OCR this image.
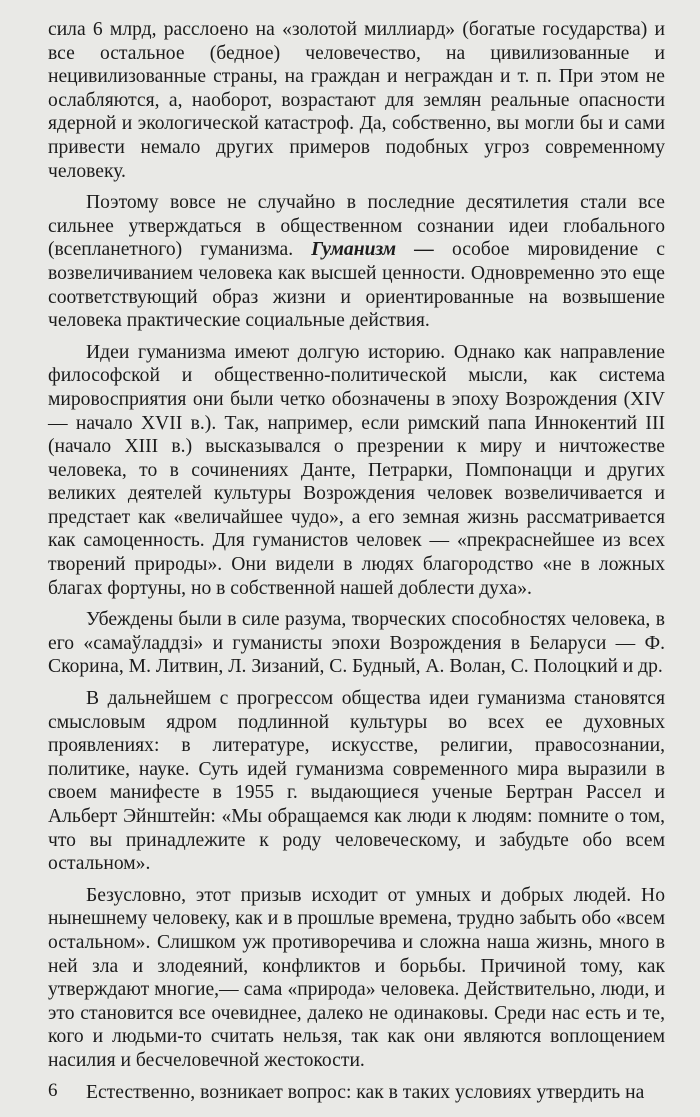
сила 6 млрд, расслоено на «золотой миллиард» (богатые государства) и все остальное (бедное) человечество, на цивилизованные и нецивилизованные страны, на граждан и неграждан и т. п. При этом не ослабляются, а, наоборот, возрастают для землян реальные опасности ядерной и экологической катастроф. Да, собственно, вы могли бы и сами привести немало других примеров подобных угроз современному человеку.

Поэтому вовсе не случайно в последние десятилетия стали все сильнее утверждаться в общественном сознании идеи глобального (всепланетного) гуманизма. Гуманизм — особое мировидение с возвеличиванием человека как высшей ценности. Одновременно это еще соответствующий образ жизни и ориентированные на возвышение человека практические социальные действия.

Идеи гуманизма имеют долгую историю. Однако как направление философской и общественно-политической мысли, как система мировосприятия они были четко обозначены в эпоху Возрождения (XIV — начало XVII в.). Так, например, если римский папа Иннокентий III (начало XIII в.) высказывался о презрении к миру и ничтожестве человека, то в сочинениях Данте, Петрарки, Помпонацци и других великих деятелей культуры Возрождения человек возвеличивается и предстает как «величайшее чудо», а его земная жизнь рассматривается как самоценность. Для гуманистов человек — «прекраснейшее из всех творений природы». Они видели в людях благородство «не в ложных благах фортуны, но в собственной нашей доблести духа».

Убеждены были в силе разума, творческих способностях человека, в его «самаўладдзі» и гуманисты эпохи Возрождения в Беларуси — Ф. Скорина, М. Литвин, Л. Зизаний, С. Будный, А. Волан, С. Полоцкий и др.

В дальнейшем с прогрессом общества идеи гуманизма становятся смысловым ядром подлинной культуры во всех ее духовных проявлениях: в литературе, искусстве, религии, правосознании, политике, науке. Суть идей гуманизма современного мира выразили в своем манифесте в 1955 г. выдающиеся ученые Бертран Рассел и Альберт Эйнштейн: «Мы обращаемся как люди к людям: помните о том, что вы принадлежите к роду человеческому, и забудьте обо всем остальном».

Безусловно, этот призыв исходит от умных и добрых людей. Но нынешнему человеку, как и в прошлые времена, трудно забыть обо «всем остальном». Слишком уж противоречива и сложна наша жизнь, много в ней зла и злодеяний, конфликтов и борьбы. Причиной тому, как утверждают многие,— сама «природа» человека. Действительно, люди, и это становится все очевиднее, далеко не одинаковы. Среди нас есть и те, кого и людьми-то считать нельзя, так как они являются воплощением насилия и бесчеловечной жестокости.

Естественно, возникает вопрос: как в таких условиях утвердить на

6
